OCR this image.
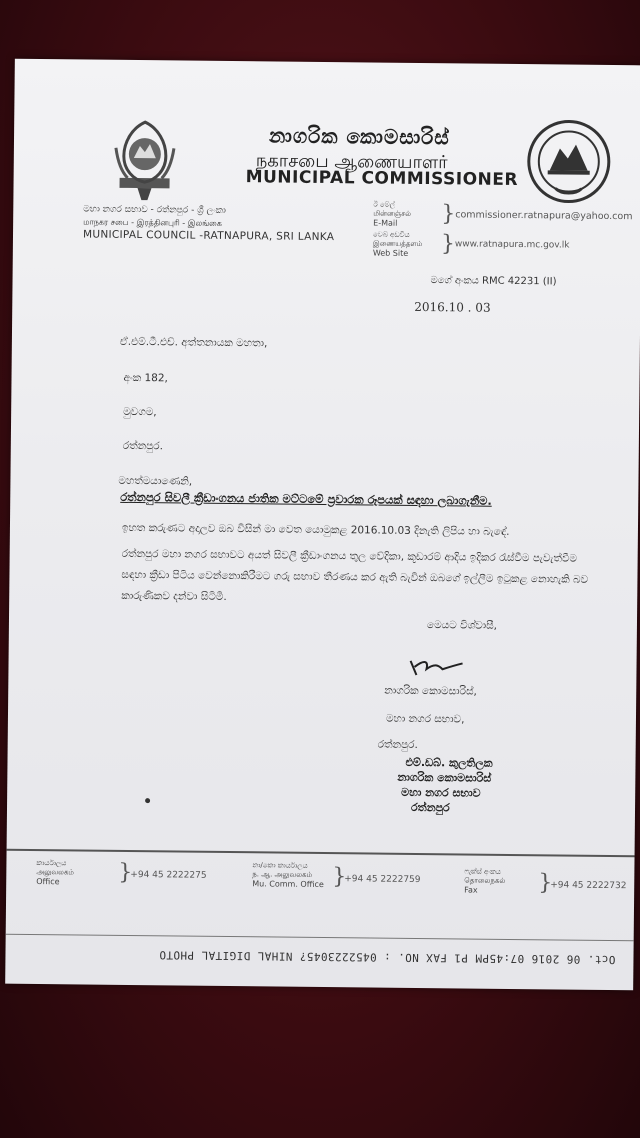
නාගරික කොමසාරිස්

நகாசபை ஆணையாளா்

MUNICIPAL COMMISSIONER

මහා නගර සභාව - රත්නපුර - ශ්‍රී ලංකා

மாநகர சபை - இரத்தினபுரி - இலங்கை

MUNICIPAL COUNCIL -RATNAPURA, SRI LANKA

ඊ මේල්
மின்னஞ்சல்
E-Mail	} commissioner.ratnapura@yahoo.com
වෙබ් අඩවිය
இணையத்தளம்
Web Site	} www.ratnapura.mc.gov.lk

මගේ අංකය RMC 42231 (II)

2016.10 . 03

ඒ.එම්.ටී.එච්. අත්තනායක මහතා,

අංක 182,

මුවගම,

රත්නපුර.

මහත්මයාණෙනි,

රත්නපුර සිවලී ක්‍රීඩාංගනය ජාතික මට්ටමේ ප්‍රවාරක රූපයක් සඳහා ලබාගැනීම.

ඉහත කරුණට අදාලව ඔබ විසින් මා වෙත යොමුකළ 2016.10.03 දිනැති ලිපිය හා බැඳේ.

රත්නපුර මහා නගර සභාවට අයත් සිවලී ක්‍රීඩාංගනය තුල වේදිකා, කූඩාරම් ආදිය ඉදිකර රැස්වීම පැවැත්වීම සඳහා ක්‍රීඩා පිටිය වෙන්නොකිරීමට ගරු සභාව තීරණය කර ඇති බැවින් ඔබගේ ඉල්ලීම ඉටුකළ නොහැකි බව කාරුණිකව දන්වා සිටිමි.

මෙයට විශ්වාසී,

නාගරික කොමසාරිස්,

මහා නගර සභාව,

රත්නපුර.

එම්.ඩබ්. කුලතිලක

නාගරික කොමසාරිස්

මහා නගර සභාව

රත්නපුර

කාර්යාලය
அலுவலகம்
Office	}
+94 45 2222275
නා/කො කාර්යාලය
ந. ஆ. அலுவலகம்
Mu. Comm. Office }
+94 45 2222759
ෆැක්ස් අංකය
தொலைநகல்
Fax	}
+94 45 2222732
Oct. 06 2016 07:45PM P1 FAX NO. : 0452223045? NIHAL DIGITAL PHOTO
